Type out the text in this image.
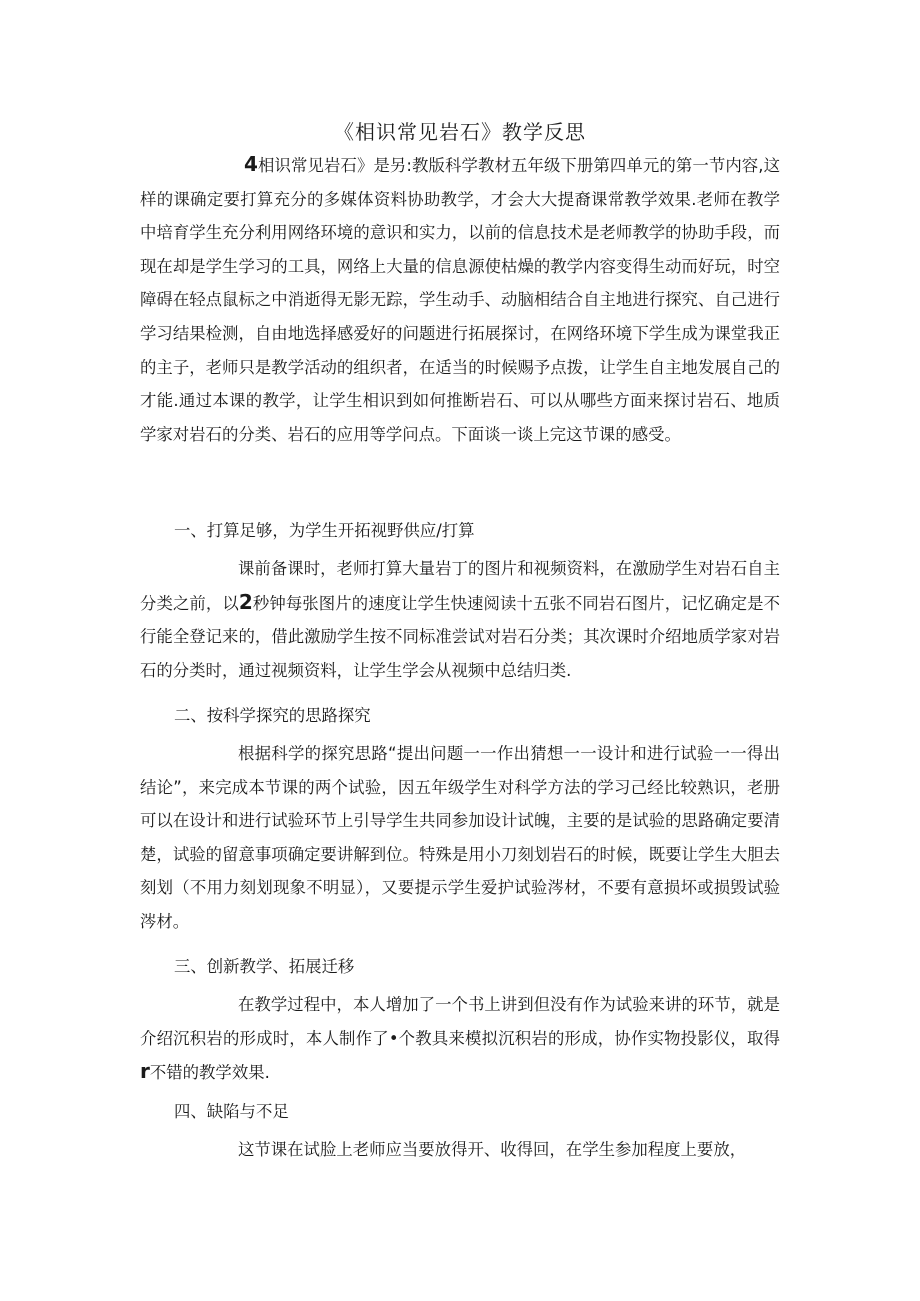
《相识常见岩石》教学反思

4相识常见岩石》是另:教版科学教材五年级下册第四单元的第一节内容,这样的课确定要打算充分的多媒体资料协助教学，才会大大提裔课常教学效果.老师在教学中培育学生充分利用网络环境的意识和实力，以前的信息技术是老师教学的协助手段，而现在却是学生学习的工具，网络上大量的信息源使枯燥的教学内容变得生动而好玩，时空障碍在轻点鼠标之中消逝得无影无踪，学生动手、动脑相结合自主地进行探究、自己进行学习结果检测，自由地选择感爱好的问题进行拓展探讨，在网络环境下学生成为课堂我正的主子，老师只是教学活动的组织者，在适当的时候赐予点拨，让学生自主地发展自己的才能.通过本课的教学，让学生相识到如何推断岩石、可以从哪些方面来探讨岩石、地质学家对岩石的分类、岩石的应用等学问点。下面谈一谈上完这节课的感受。

一、打算足够，为学生开拓视野供应/打算

课前备课时，老师打算大量岩丁的图片和视频资料，在激励学生对岩石自主分类之前，以2秒钟每张图片的速度让学生快速阅读十五张不同岩石图片，记忆确定是不行能全登记来的，借此激励学生按不同标准尝试对岩石分类；其次课时介绍地质学家对岩石的分类时，通过视频资料，让学生学会从视频中总结归类.

二、按科学探究的思路探究

根据科学的探究思路“提出问题一一作出猜想一一设计和进行试验一一得出结论”，来完成本节课的两个试验，因五年级学生对科学方法的学习己经比较熟识，老册可以在设计和进行试验环节上引导学生共同参加设计试魄，主要的是试验的思路确定要清楚，试验的留意事项确定要讲解到位。特殊是用小刀刻划岩石的时候，既要让学生大胆去刻划（不用力刻划现象不明显），又要提示学生爱护试验涔材，不要有意损坏或损毁试验涔材。

三、创新教学、拓展迁移

在教学过程中，本人增加了一个书上讲到但没有作为试验来讲的环节，就是介绍沉积岩的形成时，本人制作了•个教具来模拟沉积岩的形成，协作实物投影仪，取得r不错的教学效果.

四、缺陷与不足

这节课在试脸上老师应当要放得开、收得回，在学生参加程度上要放，
